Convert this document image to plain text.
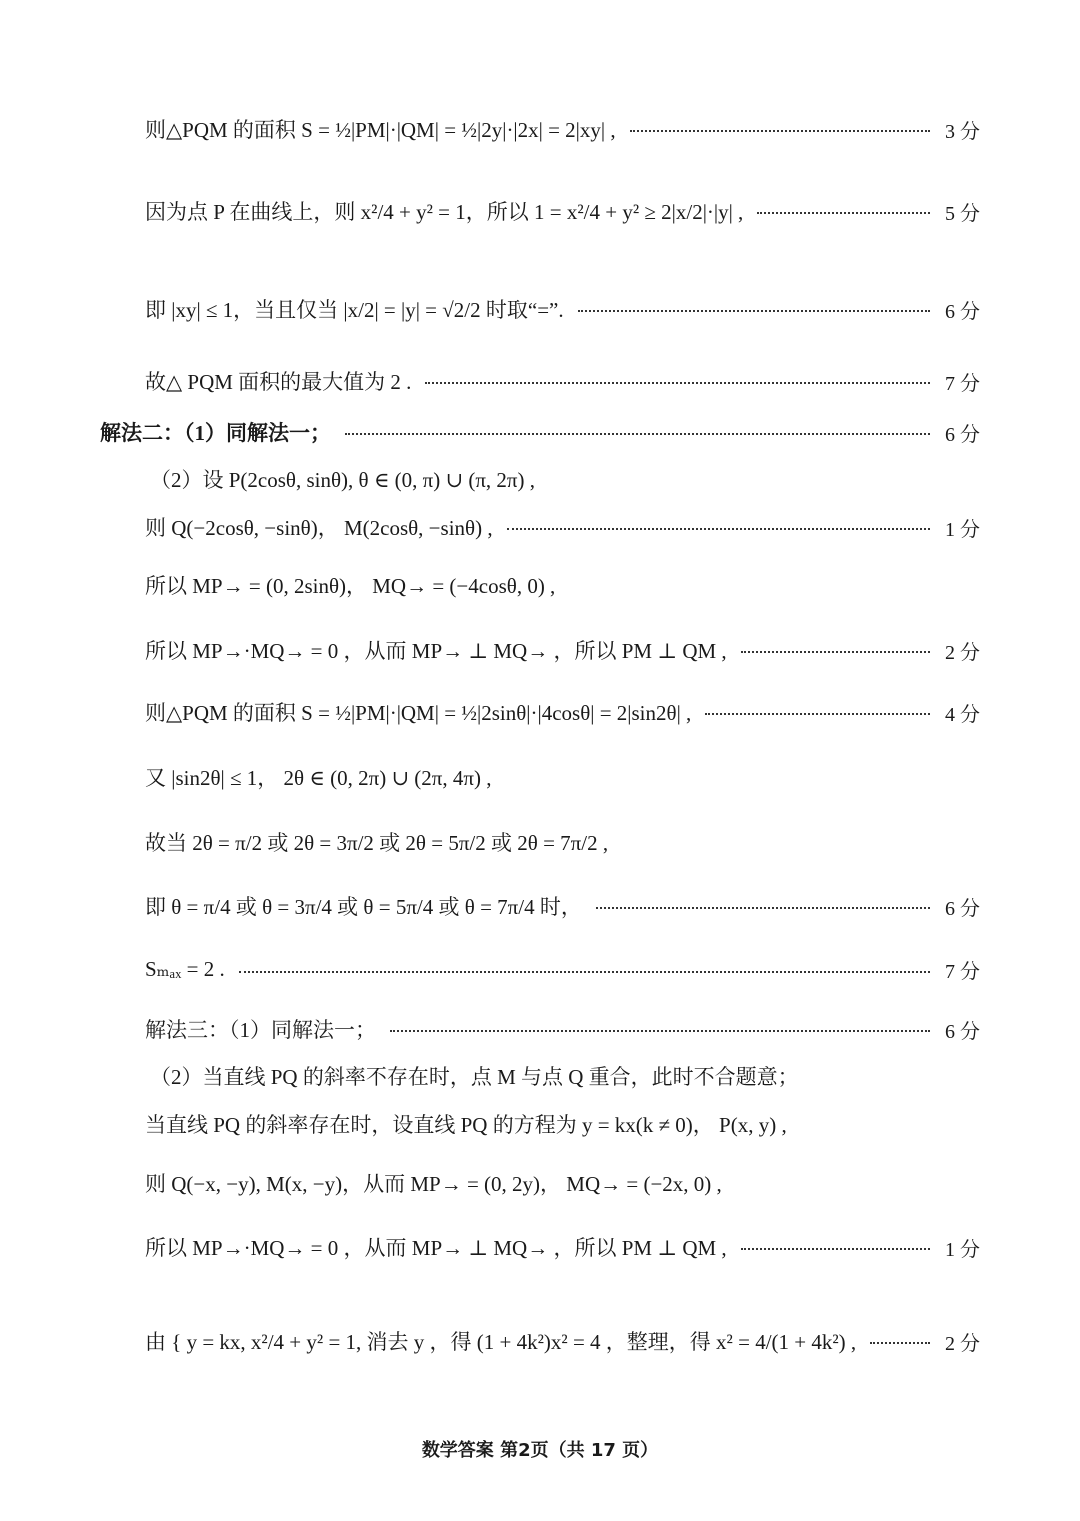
则△PQM 的面积 S = ½|PM|·|QM| = ½|2y|·|2x| = 2|xy| ,	3 分
因为点 P 在曲线上，则 x²/4 + y² = 1，所以 1 = x²/4 + y² ≥ 2|x/2|·|y| ,	5 分
即 |xy| ≤ 1，当且仅当 |x/2| = |y| = √2/2 时取“=”.	6 分
故△ PQM 面积的最大值为 2 .	7 分
解法二：（1）同解法一；	6 分
（2）设 P(2cosθ, sinθ), θ ∈ (0, π) ∪ (π, 2π) ,
则 Q(−2cosθ, −sinθ)， M(2cosθ, −sinθ) ,	1 分
所以 MP→ = (0, 2sinθ)， MQ→ = (−4cosθ, 0) ,
所以 MP→·MQ→ = 0 ，从而 MP→ ⊥ MQ→ ，所以 PM ⊥ QM ,	2 分
则△PQM 的面积 S = ½|PM|·|QM| = ½|2sinθ|·|4cosθ| = 2|sin2θ| ,	4 分
又 |sin2θ| ≤ 1， 2θ ∈ (0, 2π) ∪ (2π, 4π) ,
故当 2θ = π/2 或 2θ = 3π/2 或 2θ = 5π/2 或 2θ = 7π/2 ,
即 θ = π/4 或 θ = 3π/4 或 θ = 5π/4 或 θ = 7π/4 时，	6 分
Sₘₐₓ = 2 .	7 分
解法三：（1）同解法一；	6 分
（2）当直线 PQ 的斜率不存在时，点 M 与点 Q 重合，此时不合题意；
当直线 PQ 的斜率存在时，设直线 PQ 的方程为 y = kx(k ≠ 0)， P(x, y) ,
则 Q(−x, −y), M(x, −y)，从而 MP→ = (0, 2y)， MQ→ = (−2x, 0) ,
所以 MP→·MQ→ = 0 ，从而 MP→ ⊥ MQ→ ，所以 PM ⊥ QM ,	1 分
由 { y = kx, x²/4 + y² = 1, 消去 y ，得 (1 + 4k²)x² = 4 ，整理，得 x² = 4/(1 + 4k²) ,	2 分
数学答案 第2页（共 17 页）
